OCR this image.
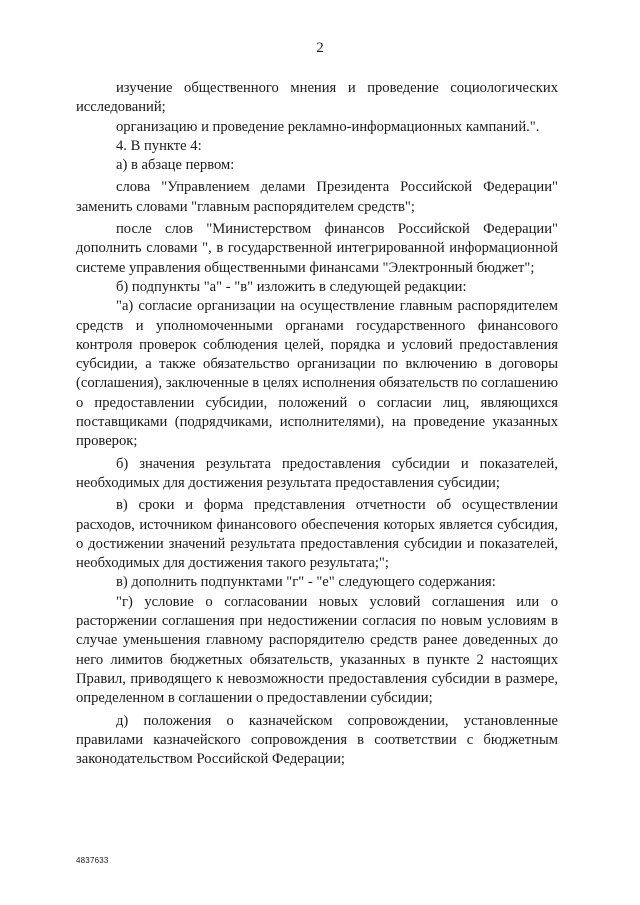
2

изучение общественного мнения и проведение социологических исследований;

организацию и проведение рекламно-информационных кампаний.".

4. В пункте 4:

а) в абзаце первом:

слова "Управлением делами Президента Российской Федерации" заменить словами "главным распорядителем средств";

после слов "Министерством финансов Российской Федерации" дополнить словами ", в государственной интегрированной информационной системе управления общественными финансами "Электронный бюджет";

б) подпункты "а" - "в" изложить в следующей редакции:

"а) согласие организации на осуществление главным распорядителем средств и уполномоченными органами государственного финансового контроля проверок соблюдения целей, порядка и условий предоставления субсидии, а также обязательство организации по включению в договоры (соглашения), заключенные в целях исполнения обязательств по соглашению о предоставлении субсидии, положений о согласии лиц, являющихся поставщиками (подрядчиками, исполнителями), на проведение указанных проверок;

б) значения результата предоставления субсидии и показателей, необходимых для достижения результата предоставления субсидии;

в) сроки и форма представления отчетности об осуществлении расходов, источником финансового обеспечения которых является субсидия, о достижении значений результата предоставления субсидии и показателей, необходимых для достижения такого результата;";

в) дополнить подпунктами "г" - "е" следующего содержания:

"г) условие о согласовании новых условий соглашения или о расторжении соглашения при недостижении согласия по новым условиям в случае уменьшения главному распорядителю средств ранее доведенных до него лимитов бюджетных обязательств, указанных в пункте 2 настоящих Правил, приводящего к невозможности предоставления субсидии в размере, определенном в соглашении о предоставлении субсидии;

д) положения о казначейском сопровождении, установленные правилами казначейского сопровождения в соответствии с бюджетным законодательством Российской Федерации;

4837633
